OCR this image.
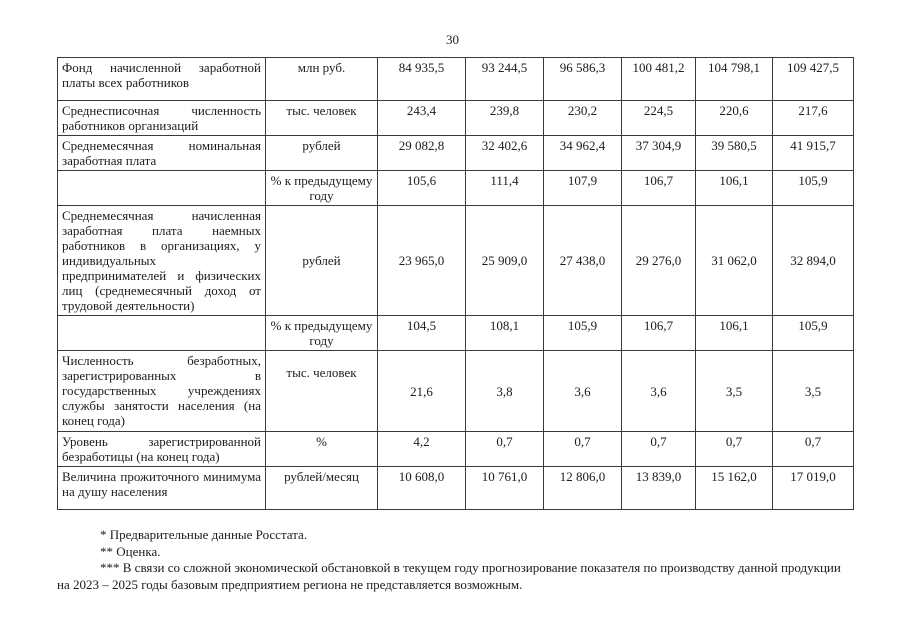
30
Фонд начисленной заработной платы всех работников	млн руб.	84 935,5	93 244,5	96 586,3	100 481,2	104 798,1	109 427,5
Среднесписочная численность работников организаций	тыс. человек	243,4	239,8	230,2	224,5	220,6	217,6
Среднемесячная номинальная заработная плата	рублей	29 082,8	32 402,6	34 962,4	37 304,9	39 580,5	41 915,7
	% к предыдущему году	105,6	111,4	107,9	106,7	106,1	105,9
Среднемесячная начисленная заработная плата наемных работников в организациях, у индивидуальных предпринимателей и физических лиц (среднемесячный доход от трудовой деятельности)	рублей	23 965,0	25 909,0	27 438,0	29 276,0	31 062,0	32 894,0
	% к предыдущему году	104,5	108,1	105,9	106,7	106,1	105,9
Численность безработных, зарегистрированных в государственных учреждениях службы занятости населения (на конец года)	тыс. человек	21,6	3,8	3,6	3,6	3,5	3,5
Уровень зарегистрированной безработицы (на конец года)	%	4,2	0,7	0,7	0,7	0,7	0,7
Величина прожиточного минимума на душу населения	рублей/месяц	10 608,0	10 761,0	12 806,0	13 839,0	15 162,0	17 019,0

* Предварительные данные Росстата.

** Оценка.

*** В связи со сложной экономической обстановкой в текущем году прогнозирование показателя по производству данной продукции на 2023 – 2025 годы базовым предприятием региона не представляется возможным.
